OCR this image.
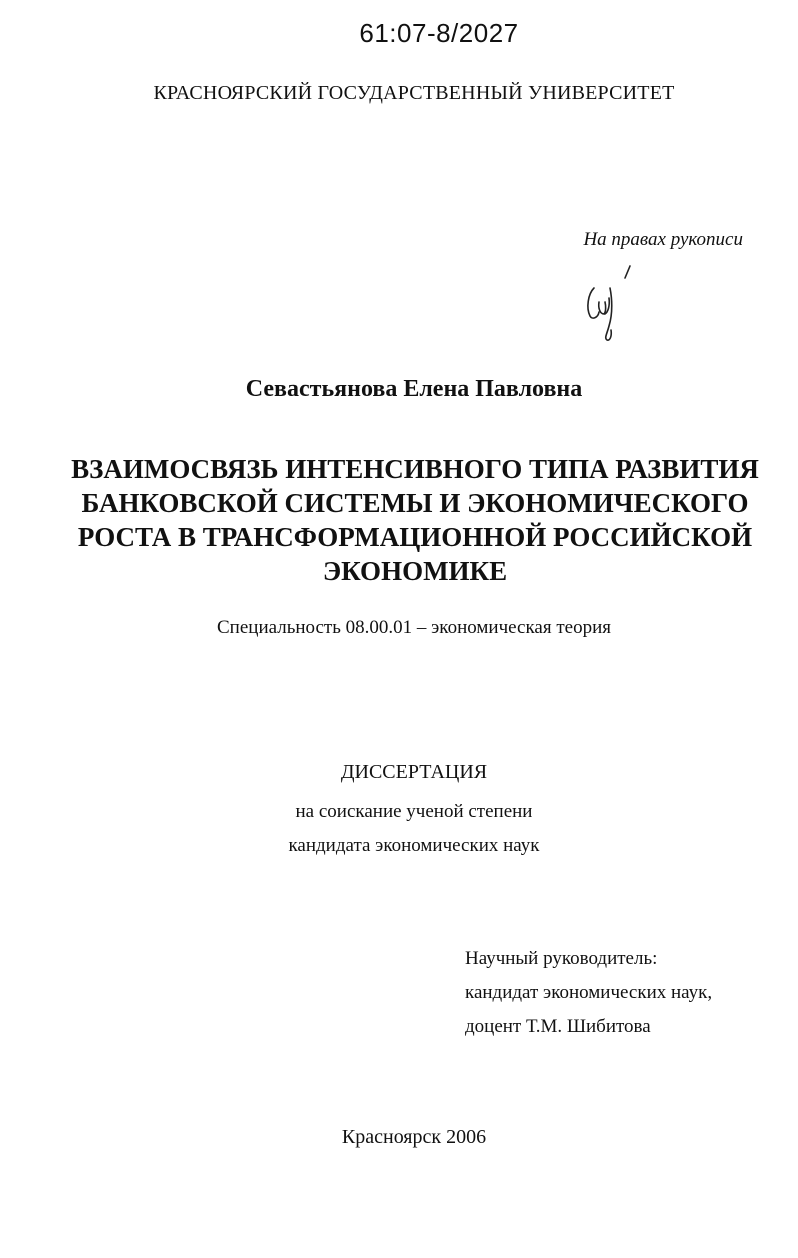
61:07-8/2027
КРАСНОЯРСКИЙ ГОСУДАРСТВЕННЫЙ УНИВЕРСИТЕТ
На правах рукописи
Севастьянова Елена Павловна
ВЗАИМОСВЯЗЬ ИНТЕНСИВНОГО ТИПА РАЗВИТИЯ
БАНКОВСКОЙ СИСТЕМЫ И ЭКОНОМИЧЕСКОГО
РОСТА В ТРАНСФОРМАЦИОННОЙ РОССИЙСКОЙ
ЭКОНОМИКЕ
Специальность 08.00.01 – экономическая теория
ДИССЕРТАЦИЯ
на соискание ученой степени
кандидата экономических наук
Научный руководитель:
кандидат экономических наук,
доцент Т.М. Шибитова
Красноярск 2006
